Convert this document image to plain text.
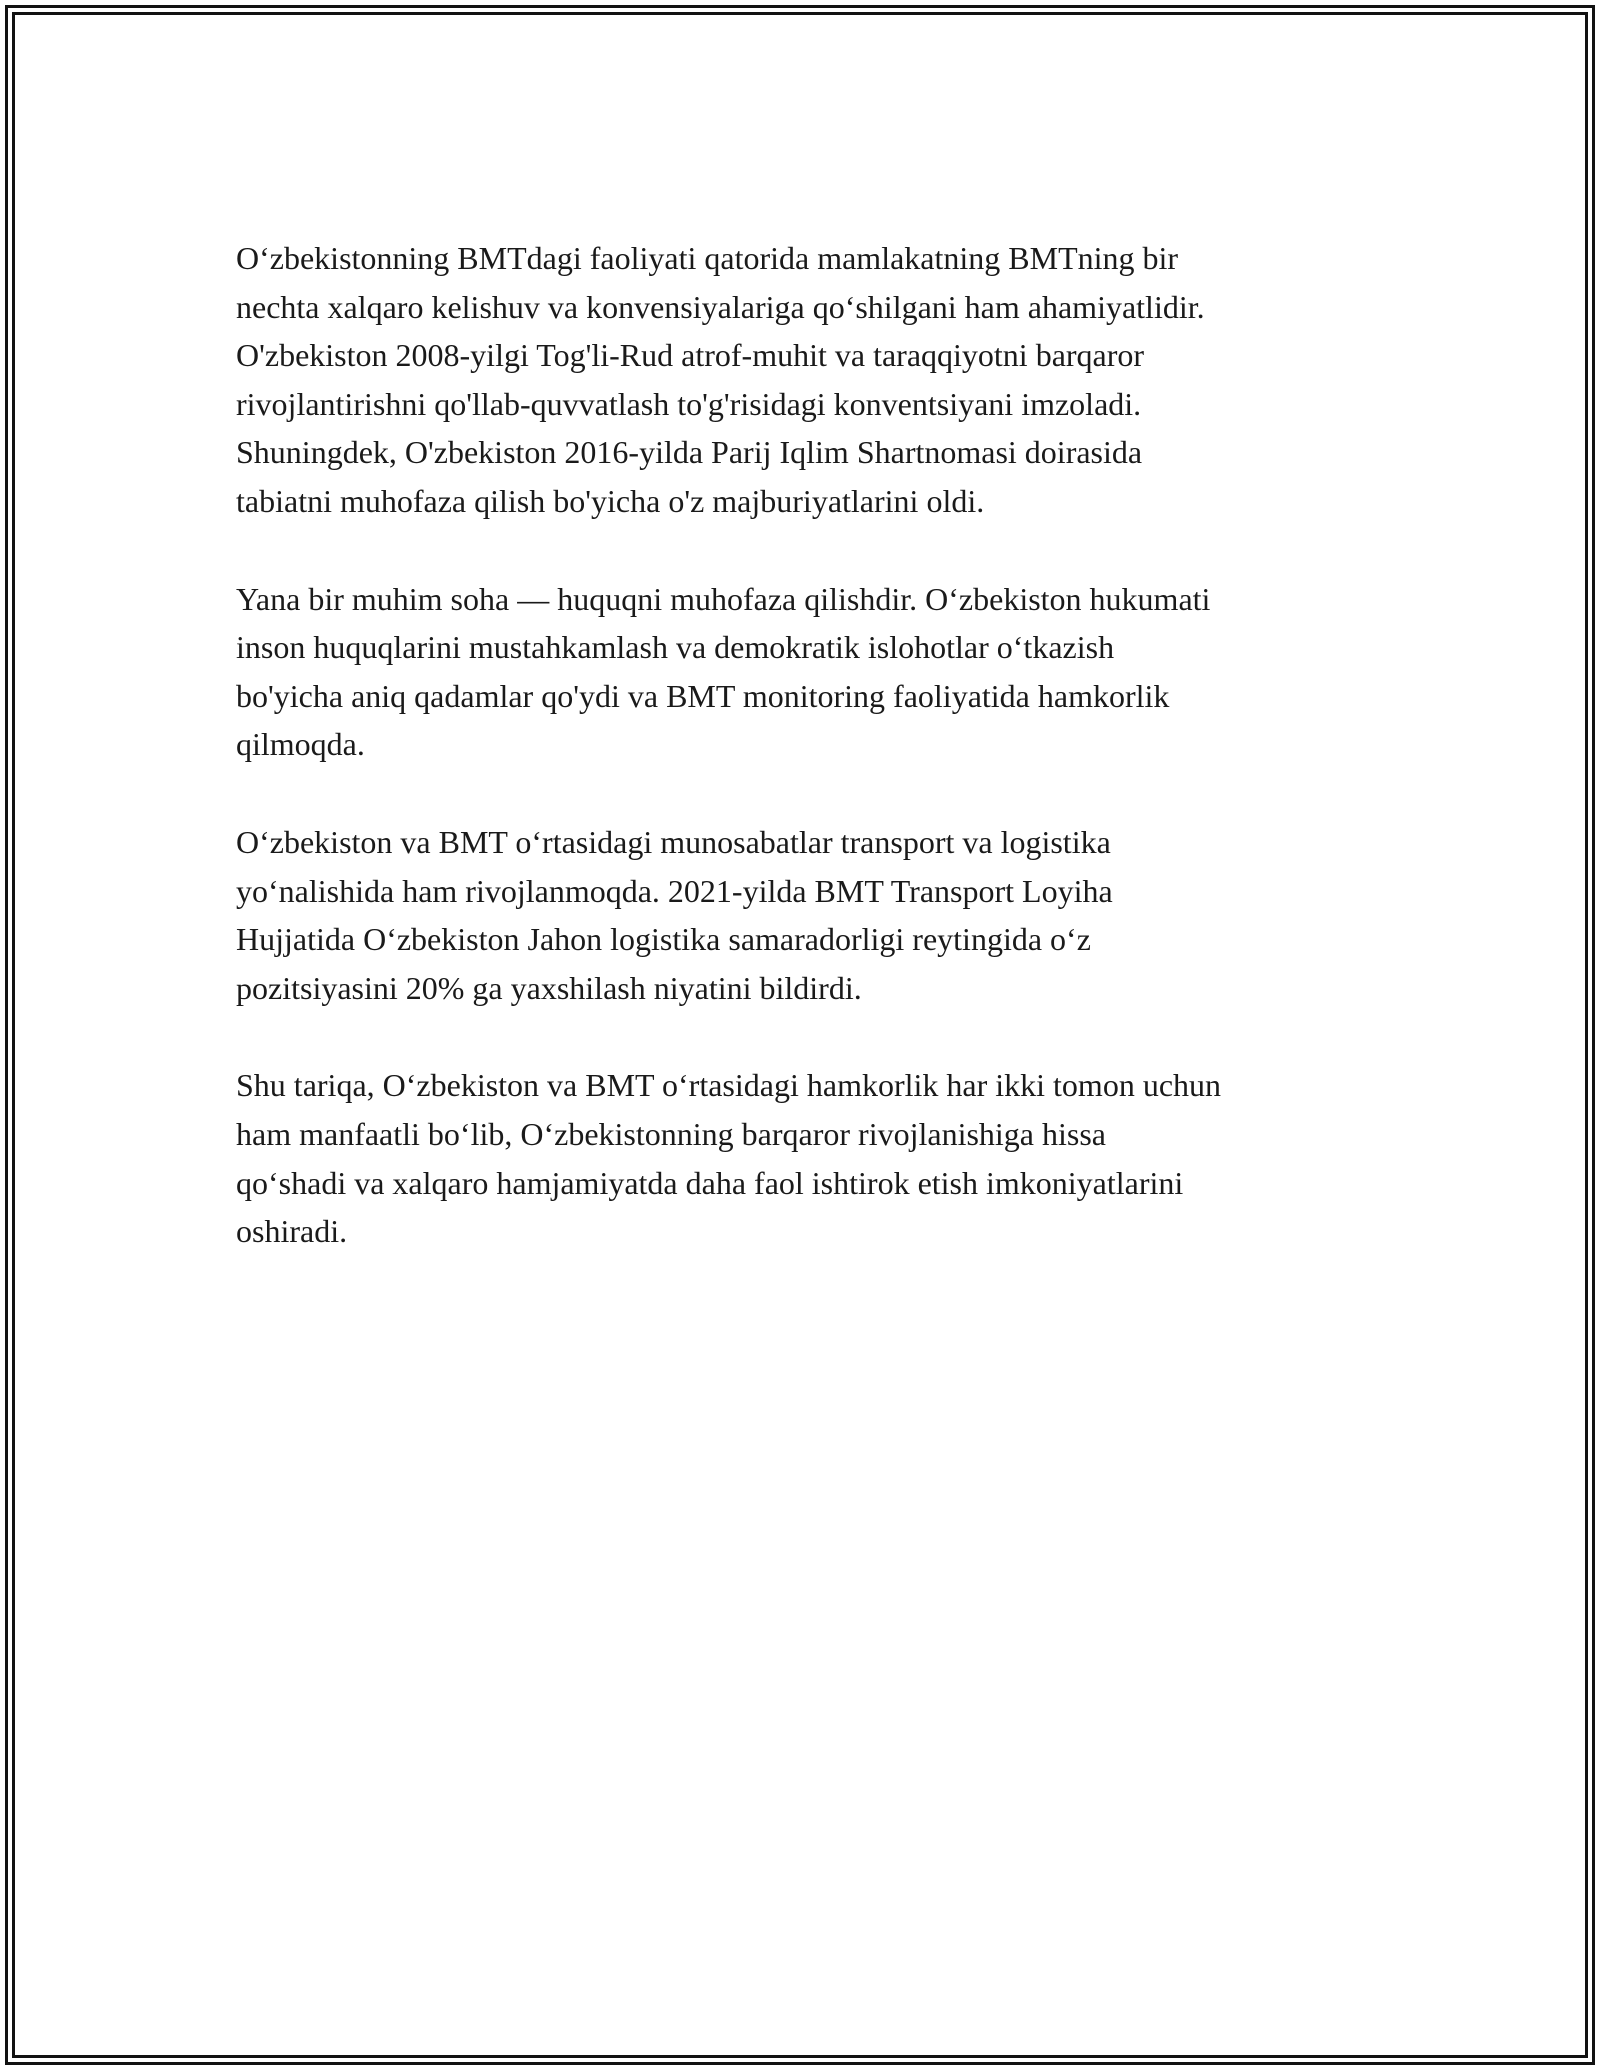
O‘zbekistonning BMTdagi faoliyati qatorida mamlakatning BMTning bir
nechta xalqaro kelishuv va konvensiyalariga qo‘shilgani ham ahamiyatlidir.
O'zbekiston 2008-yilgi Tog'li-Rud atrof-muhit va taraqqiyotni barqaror
rivojlantirishni qo'llab-quvvatlash to'g'risidagi konventsiyani imzoladi.
Shuningdek, O'zbekiston 2016-yilda Parij Iqlim Shartnomasi doirasida
tabiatni muhofaza qilish bo'yicha o'z majburiyatlarini oldi.

Yana bir muhim soha — huquqni muhofaza qilishdir. O‘zbekiston hukumati
inson huquqlarini mustahkamlash va demokratik islohotlar o‘tkazish
bo'yicha aniq qadamlar qo'ydi va BMT monitoring faoliyatida hamkorlik
qilmoqda.

O‘zbekiston va BMT o‘rtasidagi munosabatlar transport va logistika
yo‘nalishida ham rivojlanmoqda. 2021-yilda BMT Transport Loyiha
Hujjatida O‘zbekiston Jahon logistika samaradorligi reytingida o‘z
pozitsiyasini 20% ga yaxshilash niyatini bildirdi.

Shu tariqa, O‘zbekiston va BMT o‘rtasidagi hamkorlik har ikki tomon uchun
ham manfaatli bo‘lib, O‘zbekistonning barqaror rivojlanishiga hissa
qo‘shadi va xalqaro hamjamiyatda daha faol ishtirok etish imkoniyatlarini
oshiradi.
